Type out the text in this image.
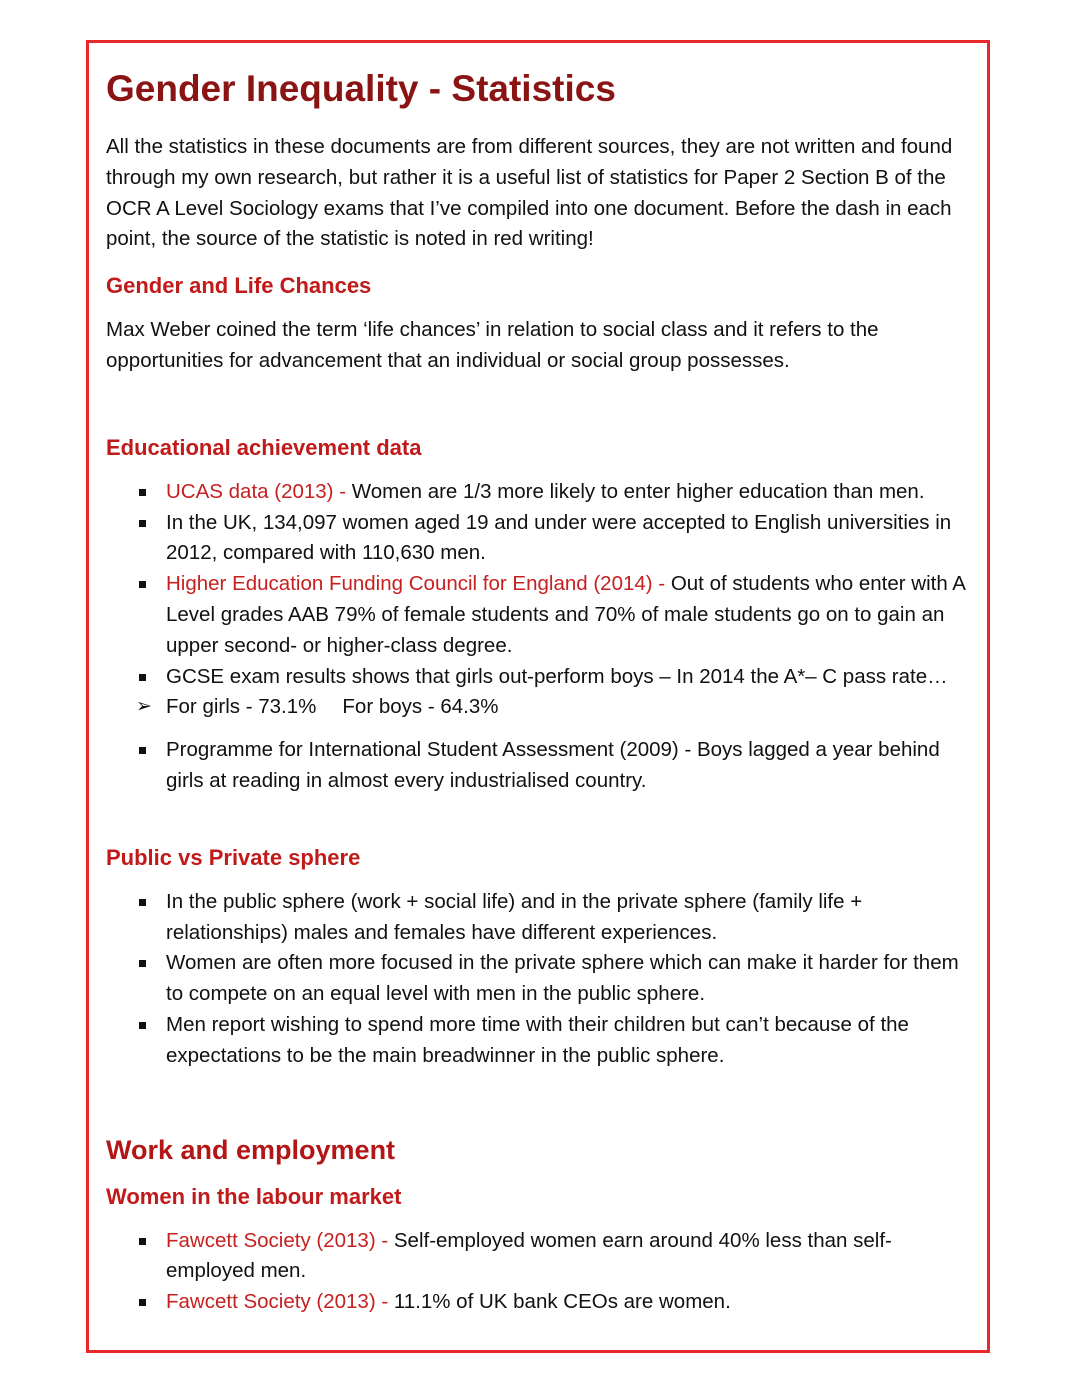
Gender Inequality - Statistics

All the statistics in these documents are from different sources, they are not written and found through my own research, but rather it is a useful list of statistics for Paper 2 Section B of the OCR A Level Sociology exams that I’ve compiled into one document. Before the dash in each point, the source of the statistic is noted in red writing!

Gender and Life Chances

Max Weber coined the term ‘life chances’ in relation to social class and it refers to the opportunities for advancement that an individual or social group possesses.

Educational achievement data
UCAS data (2013) - Women are 1/3 more likely to enter higher education than men.
In the UK, 134,097 women aged 19 and under were accepted to English universities in 2012, compared with 110,630 men.
Higher Education Funding Council for England (2014) - Out of students who enter with A Level grades AAB 79% of female students and 70% of male students go on to gain an upper second- or higher-class degree.
GCSE exam results shows that girls out-perform boys – In 2014 the A*– C pass rate…
➢ For girls - 73.1% For boys - 64.3%
Programme for International Student Assessment (2009) - Boys lagged a year behind girls at reading in almost every industrialised country.
Public vs Private sphere
In the public sphere (work + social life) and in the private sphere (family life + relationships) males and females have different experiences.
Women are often more focused in the private sphere which can make it harder for them to compete on an equal level with men in the public sphere.
Men report wishing to spend more time with their children but can’t because of the expectations to be the main breadwinner in the public sphere.
Work and employment
Women in the labour market
Fawcett Society (2013) - Self-employed women earn around 40% less than self-employed men.
Fawcett Society (2013) - 11.1% of UK bank CEOs are women.
